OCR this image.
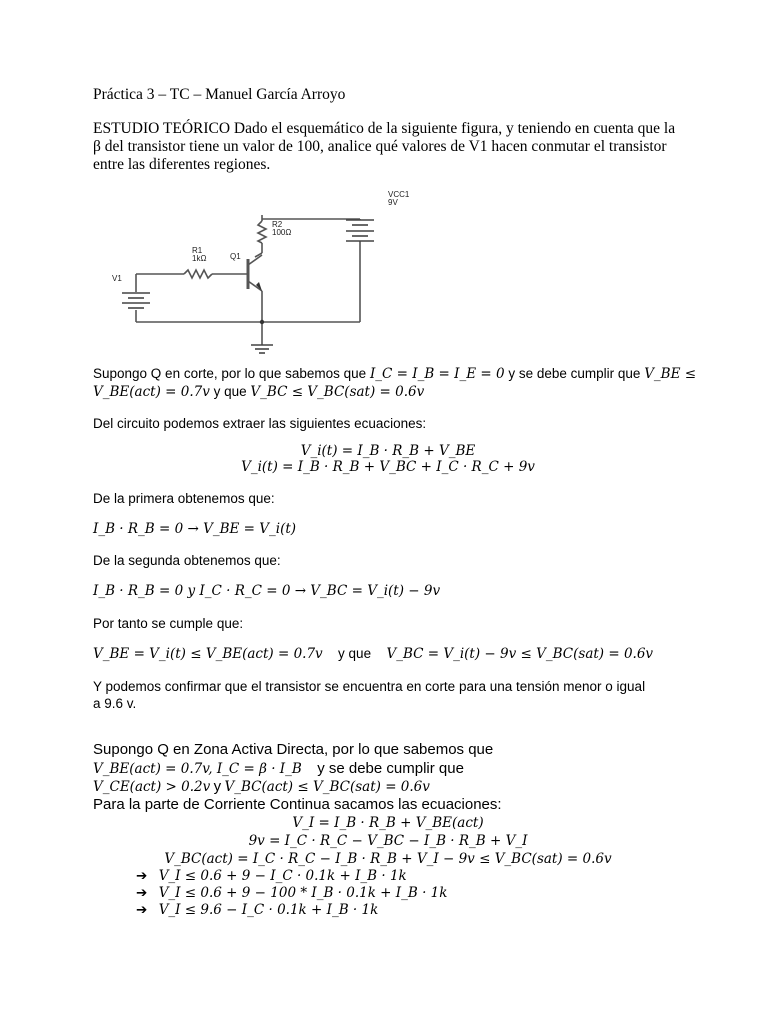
Práctica 3 – TC – Manuel García Arroyo
ESTUDIO TEÓRICO Dado el esquemático de la siguiente figura, y teniendo en cuenta que la β del transistor tiene un valor de 100, analice qué valores de V1 hacen conmutar el transistor entre las diferentes regiones.
VCC1
9V
R2
100Ω
R1
1kΩ	Q1
V1
Supongo Q en corte, por lo que sabemos que I_C = I_B = I_E = 0 y se debe cumplir que V_BE ≤
V_BE(act) = 0.7v y que V_BC ≤ V_BC(sat) = 0.6v
Del circuito podemos extraer las siguientes ecuaciones:
V_i(t) = I_B · R_B + V_BE
V_i(t) = I_B · R_B + V_BC + I_C · R_C + 9v
De la primera obtenemos que:
I_B · R_B = 0 → V_BE = V_i(t)
De la segunda obtenemos que:
I_B · R_B = 0 y I_C · R_C = 0 → V_BC = V_i(t) − 9v
Por tanto se cumple que:
V_BE = V_i(t) ≤ V_BE(act) = 0.7v y que V_BC = V_i(t) − 9v ≤ V_BC(sat) = 0.6v
Y podemos confirmar que el transistor se encuentra en corte para una tensión menor o igual
a 9.6 v.
Supongo Q en Zona Activa Directa, por lo que sabemos que
V_BE(act) = 0.7v, I_C = β · I_B y se debe cumplir que
V_CE(act) > 0.2v y V_BC(act) ≤ V_BC(sat) = 0.6v
Para la parte de Corriente Continua sacamos las ecuaciones:
V_I = I_B · R_B + V_BE(act)
9v = I_C · R_C − V_BC − I_B · R_B + V_I
V_BC(act) = I_C · R_C − I_B · R_B + V_I − 9v ≤ V_BC(sat) = 0.6v
➔ V_I ≤ 0.6 + 9 − I_C · 0.1k + I_B · 1k
➔ V_I ≤ 0.6 + 9 − 100 * I_B · 0.1k + I_B · 1k
➔ V_I ≤ 9.6 − I_C · 0.1k + I_B · 1k
